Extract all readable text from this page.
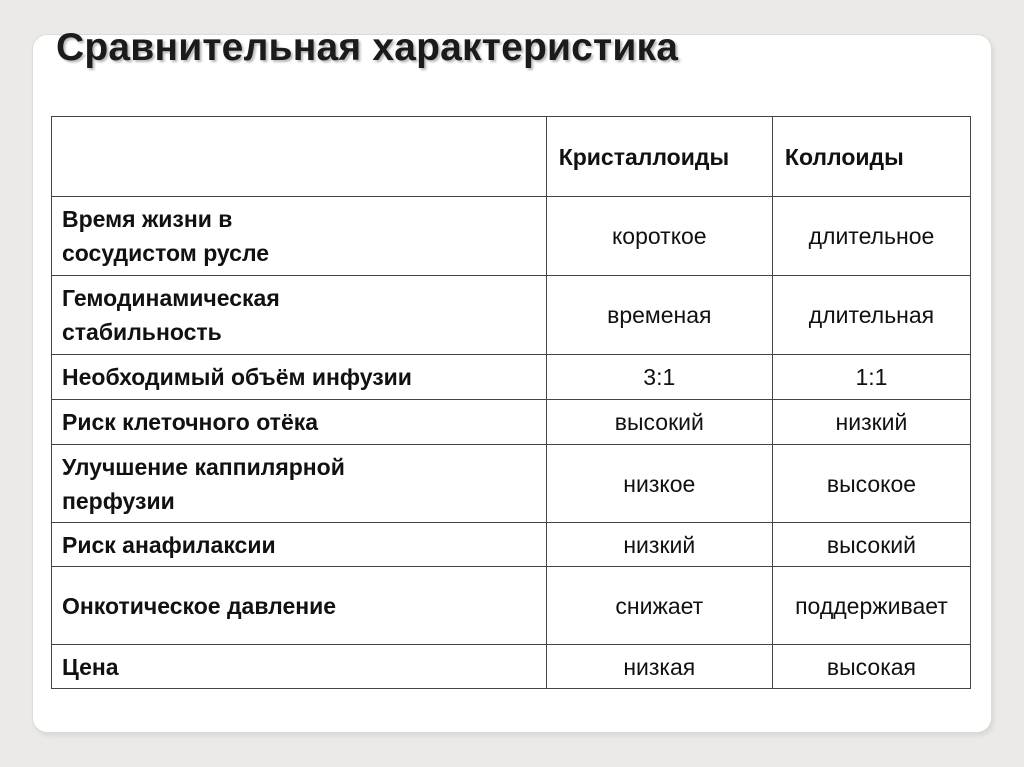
Сравнительная характеристика
	Кристаллоиды	Коллоиды
Время жизни в сосудистом русле	короткое	длительное
Гемодинамическая стабильность	временая	длительная
Необходимый объём инфузии	3:1	1:1
Риск клеточного отёка	высокий	низкий
Улучшение каппилярной перфузии	низкое	высокое
Риск анафилаксии	низкий	высокий
Онкотическое давление	снижает	поддерживает
Цена	низкая	высокая
